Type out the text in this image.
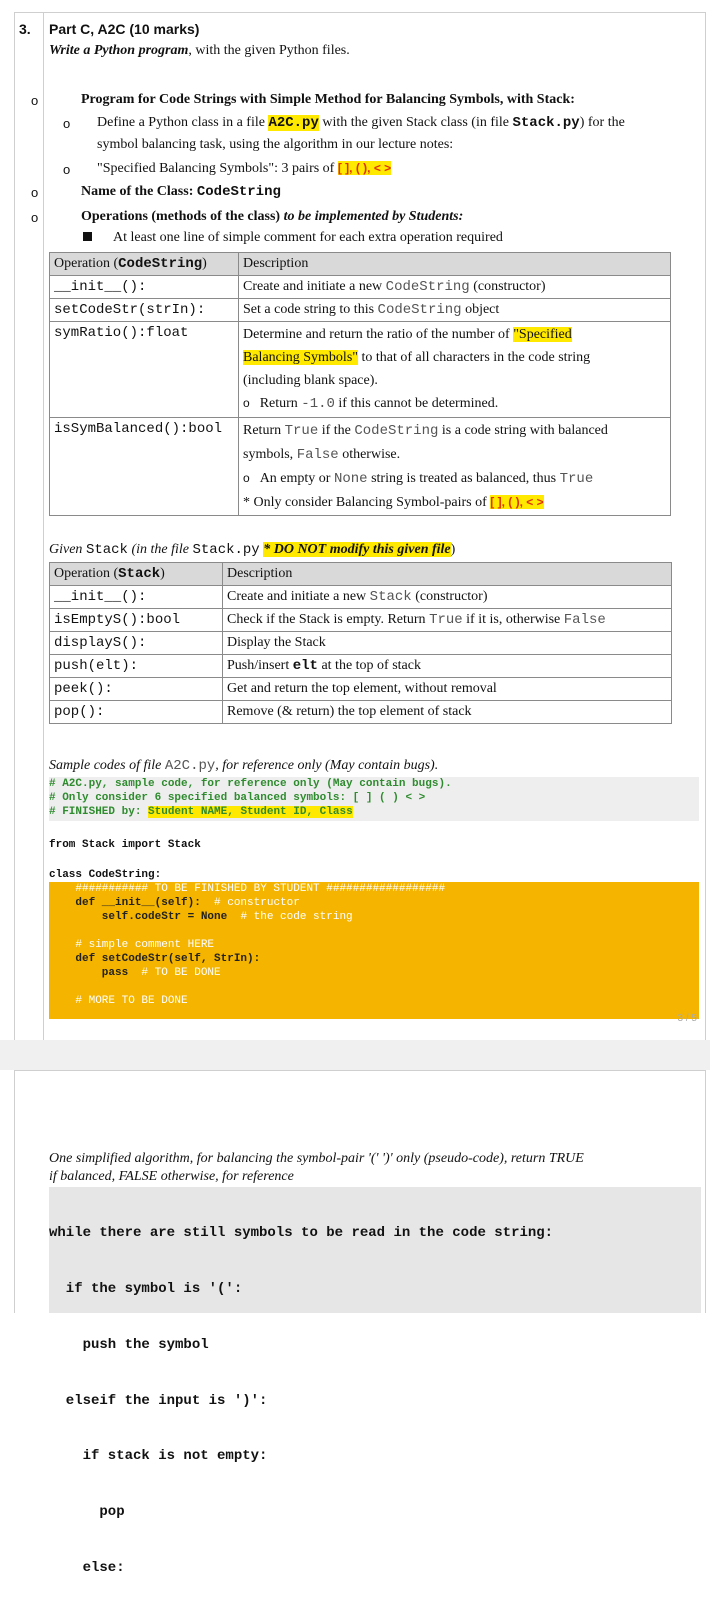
3. Part C, A2C (10 marks)
Write a Python program, with the given Python files.
o	Program for Code Strings with Simple Method for Balancing Symbols, with Stack:
o Define a Python class in a file A2C.py with the given Stack class (in file Stack.py) for the
symbol balancing task, using the algorithm in our lecture notes:
o "Specified Balancing Symbols": 3 pairs of [ ], ( ), < >
o	Name of the Class: CodeString
o	Operations (methods of the class) to be implemented by Students:
At least one line of simple comment for each extra operation required
Operation (CodeString)	Description
__init__():	Create and initiate a new CodeString (constructor)
setCodeStr(strIn):	Set a code string to this CodeString object
symRatio():float	Determine and return the ratio of the number of "Specified
Balancing Symbols" to that of all characters in the code string
(including blank space).
o Return -1.0 if this cannot be determined.
isSymBalanced():bool	Return True if the CodeString is a code string with balanced
symbols, False otherwise.
o An empty or None string is treated as balanced, thus True
* Only consider Balancing Symbol-pairs of [ ], ( ), < >
Given Stack (in the file Stack.py * DO NOT modify this given file)
Operation (Stack)	Description
__init__():	Create and initiate a new Stack (constructor)
isEmptyS():bool	Check if the Stack is empty. Return True if it is, otherwise False
displayS():	Display the Stack
push(elt):	Push/insert elt at the top of stack
peek():	Get and return the top element, without removal
pop():	Remove (& return) the top element of stack
Sample codes of file A2C.py, for reference only (May contain bugs).
# A2C.py, sample code, for reference only (May contain bugs).
# Only consider 6 specified balanced symbols: [ ] ( ) < >
# FINISHED by: Student NAME, Student ID, Class
from Stack import Stack
class CodeString:
########### TO BE FINISHED BY STUDENT ##################
def __init__(self):  # constructor
self.codeStr = None  # the code string
# simple comment HERE
def setCodeStr(self, StrIn):
pass  # TO BE DONE
# MORE TO BE DONE
3 / 5
One simplified algorithm, for balancing the symbol-pair '(' ')' only (pseudo-code), return TRUE
if balanced, FALSE otherwise, for reference

while there are still symbols to be read in the code string:

if the symbol is '(':

push the symbol

elseif the input is ')':

if stack is not empty:

pop

else:
